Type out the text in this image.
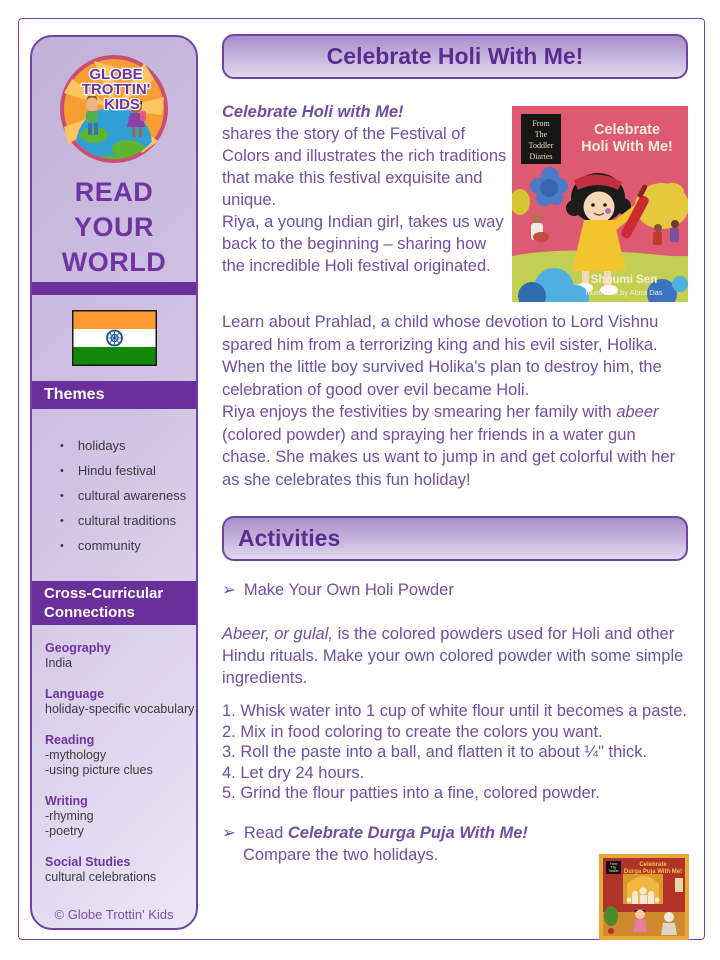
GLOBE
TROTTIN'
KIDS
READ
YOUR
WORLD
Themes
• holidays
• Hindu festival
• cultural awareness
• cultural traditions
• community
Cross-Curricular
Connections
Geography
India
Language
holiday-specific vocabulary
Reading
-mythology
-using picture clues
Writing
-rhyming
-poetry
Social Studies
cultural celebrations
© Globe Trottin' Kids
Celebrate Holi With Me!
Celebrate Holi with Me!
shares the story of the Festival of Colors and illustrates the rich traditions that make this festival exquisite and unique.
Riya, a young Indian girl, takes us way back to the beginning – sharing how the incredible Holi festival originated.
From
The
Toddler
Diaries
Celebrate
Holi With Me!
Shoumi Sen
Illustrated by Abira Das
Learn about Prahlad, a child whose devotion to Lord Vishnu spared him from a terrorizing king and his evil sister, Holika. When the little boy survived Holika's plan to destroy him, the celebration of good over evil became Holi.
Riya enjoys the festivities by smearing her family with abeer (colored powder) and spraying her friends in a water gun chase. She makes us want to jump in and get colorful with her as she celebrates this fun holiday!
Activities
➢ Make Your Own Holi Powder
Abeer, or gulal, is the colored powders used for Holi and other Hindu rituals. Make your own colored powder with some simple ingredients.
1. Whisk water into 1 cup of white flour until it becomes a paste.
2. Mix in food coloring to create the colors you want.
3. Roll the paste into a ball, and flatten it to about ¼" thick.
4. Let dry 24 hours.
5. Grind the flour patties into a fine, colored powder.
➢ Read Celebrate Durga Puja With Me!
Compare the two holidays.
From
The
Toddler
Celebrate
Durga Puja With Me!
